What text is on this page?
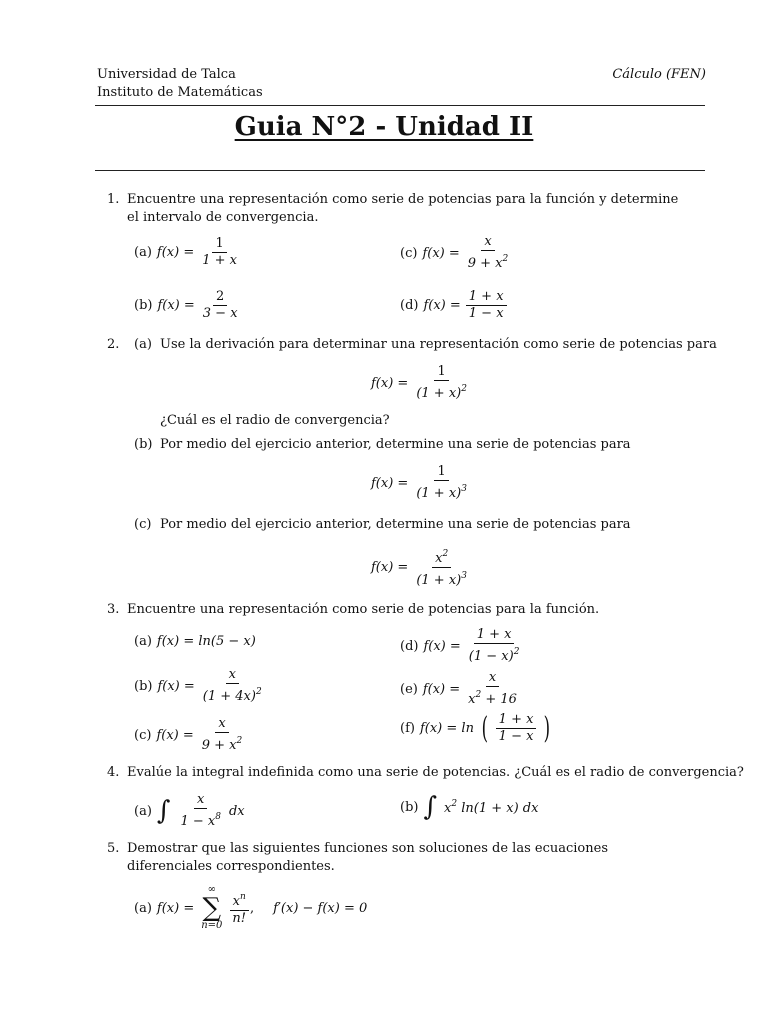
Universidad de Talca
Instituto de Matemáticas
Cálculo (FEN)
Guia N°2 - Unidad II
1. Encuentre una representación como serie de potencias para la función y determine el intervalo de convergencia.
(a) $f(x) = \frac{1}{1 + x}$
(b) $f(x) = \frac{2}{3 - x}$
(c) $f(x) = \frac{x}{9 + x^2}$
(d) $f(x) = \frac{1 + x}{1 - x}$
2. (a) Use la derivación para determinar una representación como serie de potencias para
$f(x) = \frac{1}{(1 + x)^2}$
¿Cuál es el radio de convergencia?
(b) Por medio del ejercicio anterior, determine una serie de potencias para
$f(x) = \frac{1}{(1 + x)^3}$
(c) Por medio del ejercicio anterior, determine una serie de potencias para
$f(x) = \frac{x^2}{(1 + x)^3}$
3. Encuentre una representación como serie de potencias para la función.
(a) f(x) = ln(5 − x)
(b) $f(x) = \frac{x}{(1 + 4x)^2}$
(c) $f(x) = \frac{x}{9 + x^2}$
(d) $f(x) = \frac{1 + x}{(1 - x)^2}$
(e) $f(x) = \frac{x}{x^2 + 16}$
(f) f(x) = ln ( $\frac{1 + x}{1 - x}$ )
4. Evalúe la integral indefinida como una serie de potencias. ¿Cuál es el radio de convergencia?
(a) ∫ $\frac{x}{1 - x^8}$ dx	(b) ∫ $x^2$ ln(1 + x) dx
5. Demostrar que las siguientes funciones son soluciones de las ecuaciones diferenciales correspondientes.
(a) f(x) =
∞
∑
$n=0 \frac{x^n}{n!}$ , f′(x) − f(x) = 0
